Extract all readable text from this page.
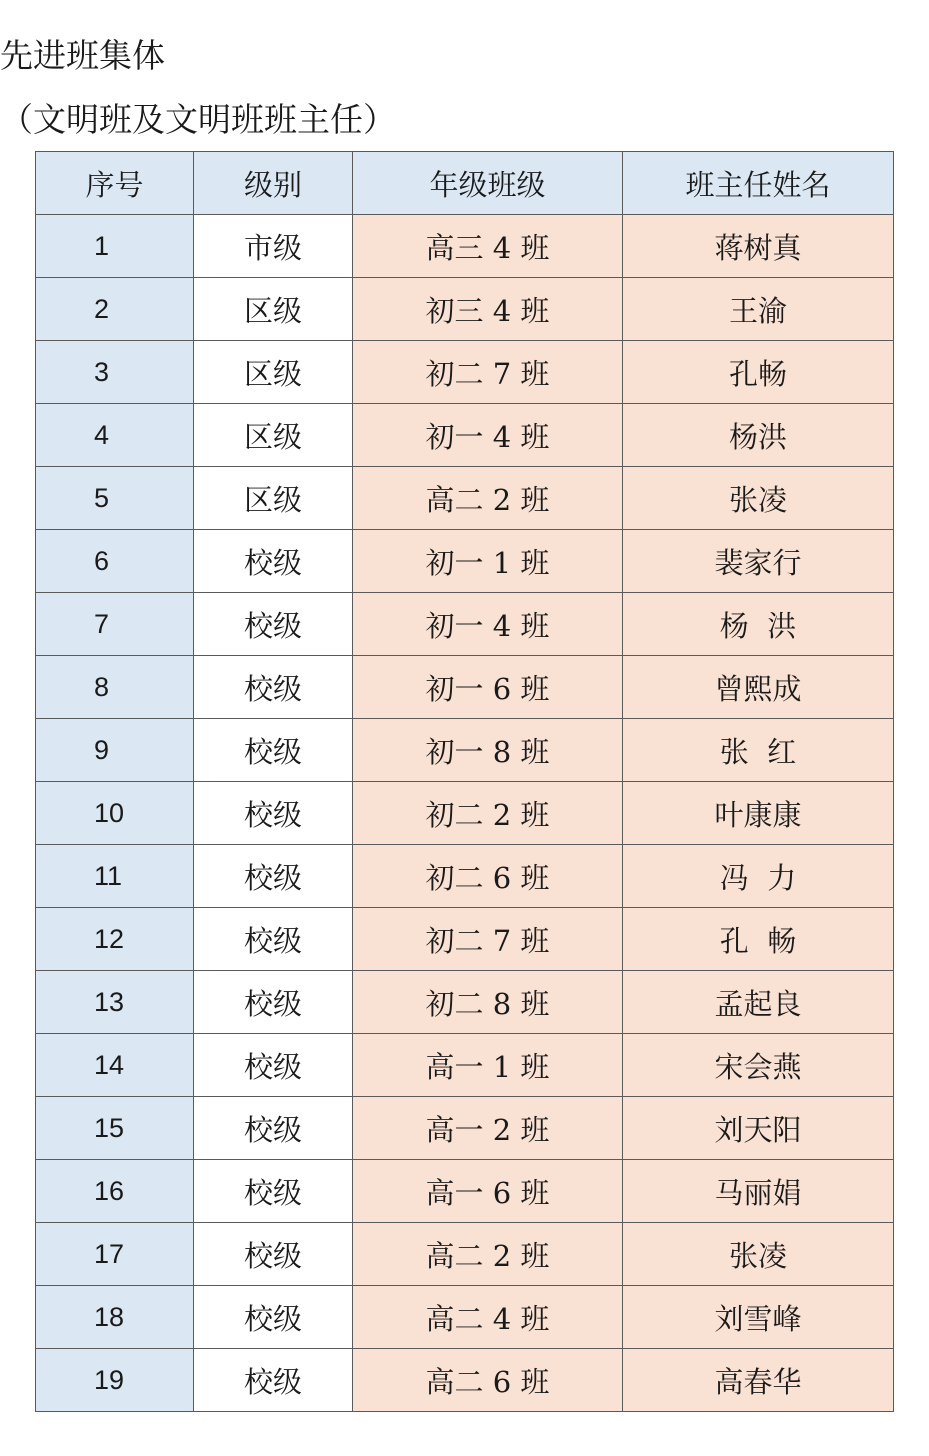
先进班集体
（文明班及文明班班主任）
序号	级别	年级班级	班主任姓名
1	市级	高三 4 班	蒋树真
2	区级	初三 4 班	王渝
3	区级	初二 7 班	孔畅
4	区级	初一 4 班	杨洪
5	区级	高二 2 班	张凌
6	校级	初一 1 班	裴家行
7	校级	初一 4 班	杨  洪
8	校级	初一 6 班	曾熙成
9	校级	初一 8 班	张  红
10	校级	初二 2 班	叶康康
11	校级	初二 6 班	冯  力
12	校级	初二 7 班	孔  畅
13	校级	初二 8 班	孟起良
14	校级	高一 1 班	宋会燕
15	校级	高一 2 班	刘天阳
16	校级	高一 6 班	马丽娟
17	校级	高二 2 班	张凌
18	校级	高二 4 班	刘雪峰
19	校级	高二 6 班	高春华
